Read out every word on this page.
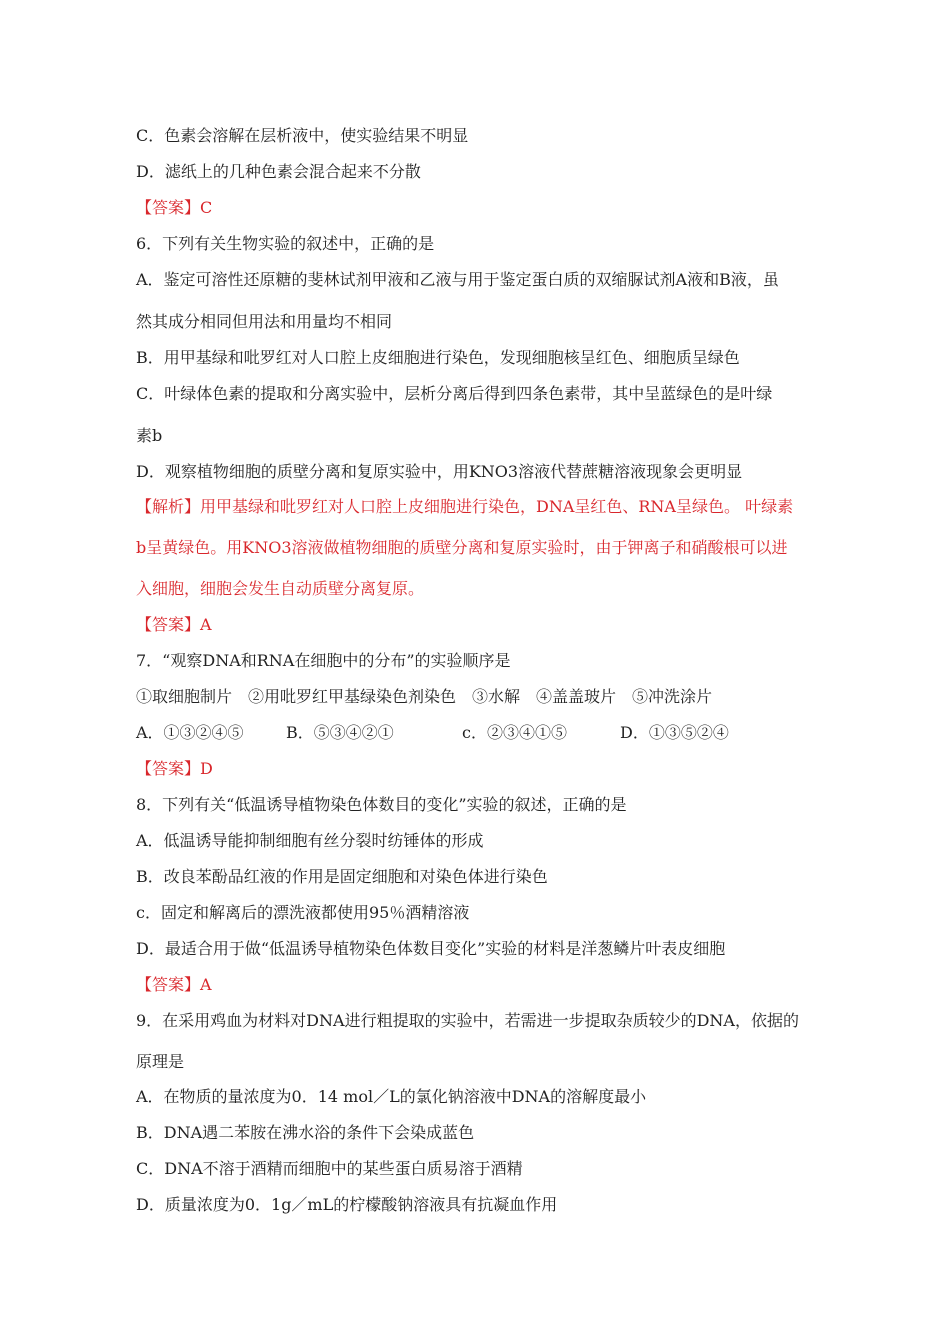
C．色素会溶解在层析液中，使实验结果不明显
D．滤纸上的几种色素会混合起来不分散
【答案】C
6．下列有关生物实验的叙述中，正确的是
A．鉴定可溶性还原糖的斐林试剂甲液和乙液与用于鉴定蛋白质的双缩脲试剂A液和B液，虽
然其成分相同但用法和用量均不相同
B．用甲基绿和吡罗红对人口腔上皮细胞进行染色，发现细胞核呈红色、细胞质呈绿色
C．叶绿体色素的提取和分离实验中，层析分离后得到四条色素带，其中呈蓝绿色的是叶绿
素b
D．观察植物细胞的质壁分离和复原实验中，用KNO3溶液代替蔗糖溶液现象会更明显
【解析】用甲基绿和吡罗红对人口腔上皮细胞进行染色，DNA呈红色、RNA呈绿色。 叶绿素
b呈黄绿色。用KNO3溶液做植物细胞的质壁分离和复原实验时，由于钾离子和硝酸根可以进
入细胞，细胞会发生自动质壁分离复原。
【答案】A
7．“观察DNA和RNA在细胞中的分布”的实验顺序是
①取细胞制片　②用吡罗红甲基绿染色剂染色　③水解　④盖盖玻片　⑤冲洗涂片
A．①③②④⑤	B．⑤③④②①	c．②③④①⑤	D．①③⑤②④
【答案】D
8．下列有关“低温诱导植物染色体数目的变化”实验的叙述，正确的是
A．低温诱导能抑制细胞有丝分裂时纺锤体的形成
B．改良苯酚品红液的作用是固定细胞和对染色体进行染色
c．固定和解离后的漂洗液都使用95％酒精溶液
D．最适合用于做“低温诱导植物染色体数目变化”实验的材料是洋葱鳞片叶表皮细胞
【答案】A
9．在采用鸡血为材料对DNA进行粗提取的实验中，若需进一步提取杂质较少的DNA，依据的
原理是
A．在物质的量浓度为0．14 mol／L的氯化钠溶液中DNA的溶解度最小
B．DNA遇二苯胺在沸水浴的条件下会染成蓝色
C．DNA不溶于酒精而细胞中的某些蛋白质易溶于酒精
D．质量浓度为0．1g／mL的柠檬酸钠溶液具有抗凝血作用
